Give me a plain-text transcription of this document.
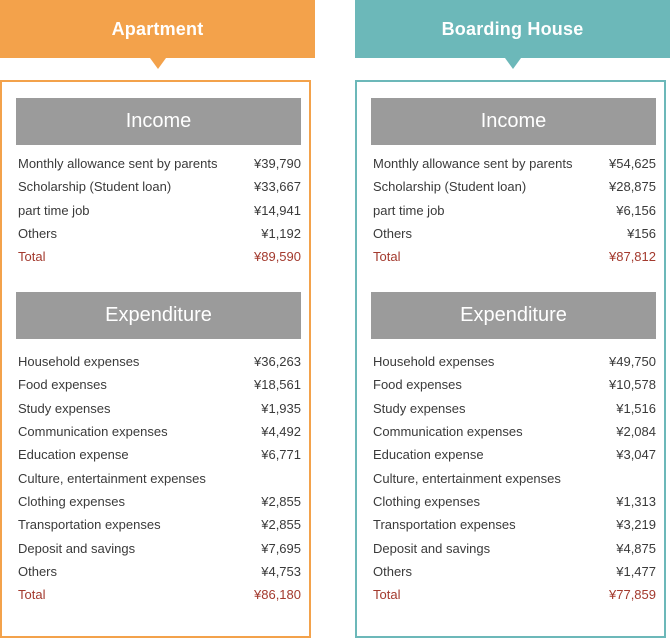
Apartment
Income
Monthly allowance sent by parents	¥39,790
Scholarship (Student loan)	¥33,667
part time job	¥14,941
Others	¥1,192
Total	¥89,590
Expenditure
Household expenses	¥36,263
Food expenses	¥18,561
Study expenses	¥1,935
Communication expenses	¥4,492
Education expense	¥6,771
Culture, entertainment expenses
Clothing expenses	¥2,855
Transportation expenses	¥2,855
Deposit and savings	¥7,695
Others	¥4,753
Total	¥86,180
Boarding House
Income
Monthly allowance sent by parents	¥54,625
Scholarship (Student loan)	¥28,875
part time job	¥6,156
Others	¥156
Total	¥87,812
Expenditure
Household expenses	¥49,750
Food expenses	¥10,578
Study expenses	¥1,516
Communication expenses	¥2,084
Education expense	¥3,047
Culture, entertainment expenses
Clothing expenses	¥1,313
Transportation expenses	¥3,219
Deposit and savings	¥4,875
Others	¥1,477
Total	¥77,859
